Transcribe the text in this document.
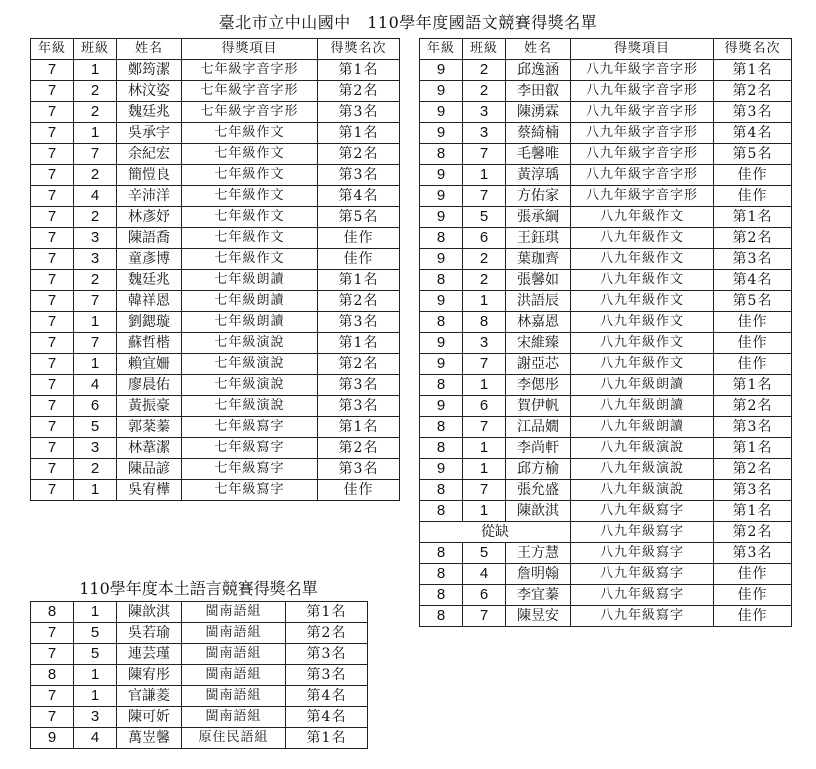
臺北市立中山國中　110學年度國語文競賽得獎名單
年級	班級	姓名	得獎項目	得獎名次
7	1	鄭筠潔	七年級字音字形	第1名
7	2	林汶姿	七年級字音字形	第2名
7	2	魏廷兆	七年級字音字形	第3名
7	1	吳承宇	七年級作文	第1名
7	7	余紀宏	七年級作文	第2名
7	2	簡愷良	七年級作文	第3名
7	4	辛沛洋	七年級作文	第4名
7	2	林彥妤	七年級作文	第5名
7	3	陳語喬	七年級作文	佳作
7	3	童彥博	七年級作文	佳作
7	2	魏廷兆	七年級朗讀	第1名
7	7	韓祥恩	七年級朗讀	第2名
7	1	劉鍶璇	七年級朗讀	第3名
7	7	蘇哲楷	七年級演說	第1名
7	1	賴宜姍	七年級演說	第2名
7	4	廖晨佑	七年級演說	第3名
7	6	黃振豪	七年級演說	第3名
7	5	郭棻蓁	七年級寫字	第1名
7	3	林葦潔	七年級寫字	第2名
7	2	陳品諺	七年級寫字	第3名
7	1	吳宥樺	七年級寫字	佳作
年級	班級	姓名	得獎項目	得獎名次
9	2	邱逸涵	八九年級字音字形	第1名
9	2	李田叡	八九年級字音字形	第2名
9	3	陳湧霖	八九年級字音字形	第3名
9	3	蔡綺楠	八九年級字音字形	第4名
8	7	毛馨唯	八九年級字音字形	第5名
9	1	黃淳瑀	八九年級字音字形	佳作
9	7	方佑家	八九年級字音字形	佳作
9	5	張承綱	八九年級作文	第1名
8	6	王鈺琪	八九年級作文	第2名
9	2	葉珈齊	八九年級作文	第3名
8	2	張馨如	八九年級作文	第4名
9	1	洪語辰	八九年級作文	第5名
8	8	林嘉恩	八九年級作文	佳作
9	3	宋維臻	八九年級作文	佳作
9	7	謝亞芯	八九年級作文	佳作
8	1	李偲彤	八九年級朗讀	第1名
9	6	賀伊帆	八九年級朗讀	第2名
8	7	江品嫺	八九年級朗讀	第3名
8	1	李尚軒	八九年級演說	第1名
9	1	邱方榆	八九年級演說	第2名
8	7	張允盛	八九年級演說	第3名
8	1	陳歆淇	八九年級寫字	第1名
從缺			八九年級寫字	第2名
8	5	王方慧	八九年級寫字	第3名
8	4	詹明翰	八九年級寫字	佳作
8	6	李宜蓁	八九年級寫字	佳作
8	7	陳昱安	八九年級寫字	佳作
110學年度本土語言競賽得獎名單
8	1	陳歆淇	閩南語組	第1名
7	5	吳若瑜	閩南語組	第2名
7	5	連芸瑾	閩南語組	第3名
8	1	陳宥彤	閩南語組	第3名
7	1	官謙菱	閩南語組	第4名
7	3	陳可妡	閩南語組	第4名
9	4	萬岦馨	原住民語組	第1名
